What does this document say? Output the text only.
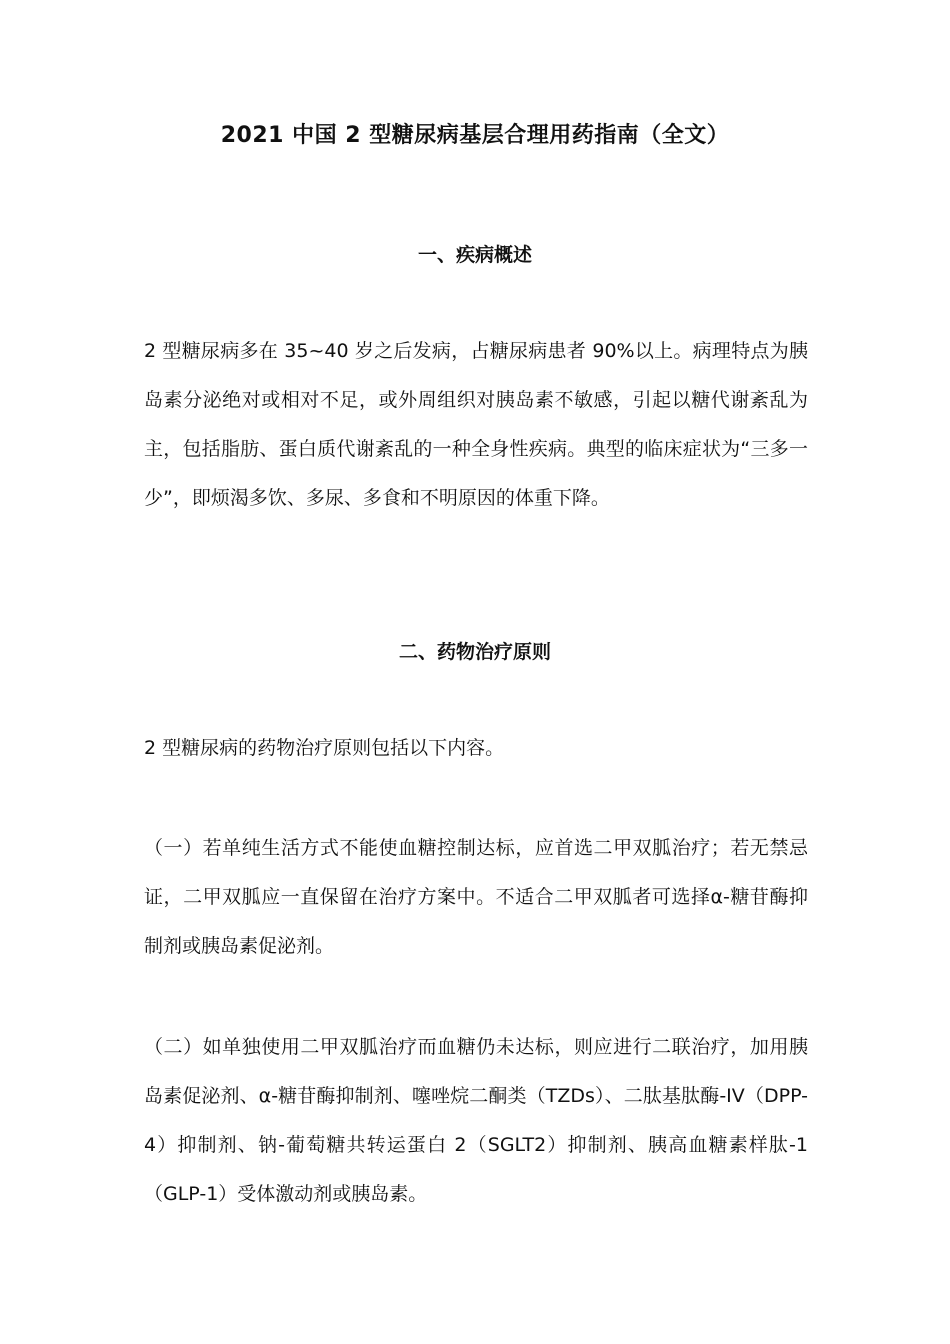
2021 中国 2 型糖尿病基层合理用药指南（全文）
一、疾病概述

2 型糖尿病多在 35~40 岁之后发病，占糖尿病患者 90%以上。病理特点为胰岛素分泌绝对或相对不足，或外周组织对胰岛素不敏感，引起以糖代谢紊乱为主，包括脂肪、蛋白质代谢紊乱的一种全身性疾病。典型的临床症状为“三多一少”，即烦渴多饮、多尿、多食和不明原因的体重下降。

二、药物治疗原则

2 型糖尿病的药物治疗原则包括以下内容。

（一）若单纯生活方式不能使血糖控制达标，应首选二甲双胍治疗；若无禁忌证，二甲双胍应一直保留在治疗方案中。不适合二甲双胍者可选择α-糖苷酶抑制剂或胰岛素促泌剂。

（二）如单独使用二甲双胍治疗而血糖仍未达标，则应进行二联治疗，加用胰岛素促泌剂、α-糖苷酶抑制剂、噻唑烷二酮类（TZDs）、二肽基肽酶-IV（DPP-4）抑制剂、钠-葡萄糖共转运蛋白 2（SGLT2）抑制剂、胰高血糖素样肽-1（GLP-1）受体激动剂或胰岛素。
